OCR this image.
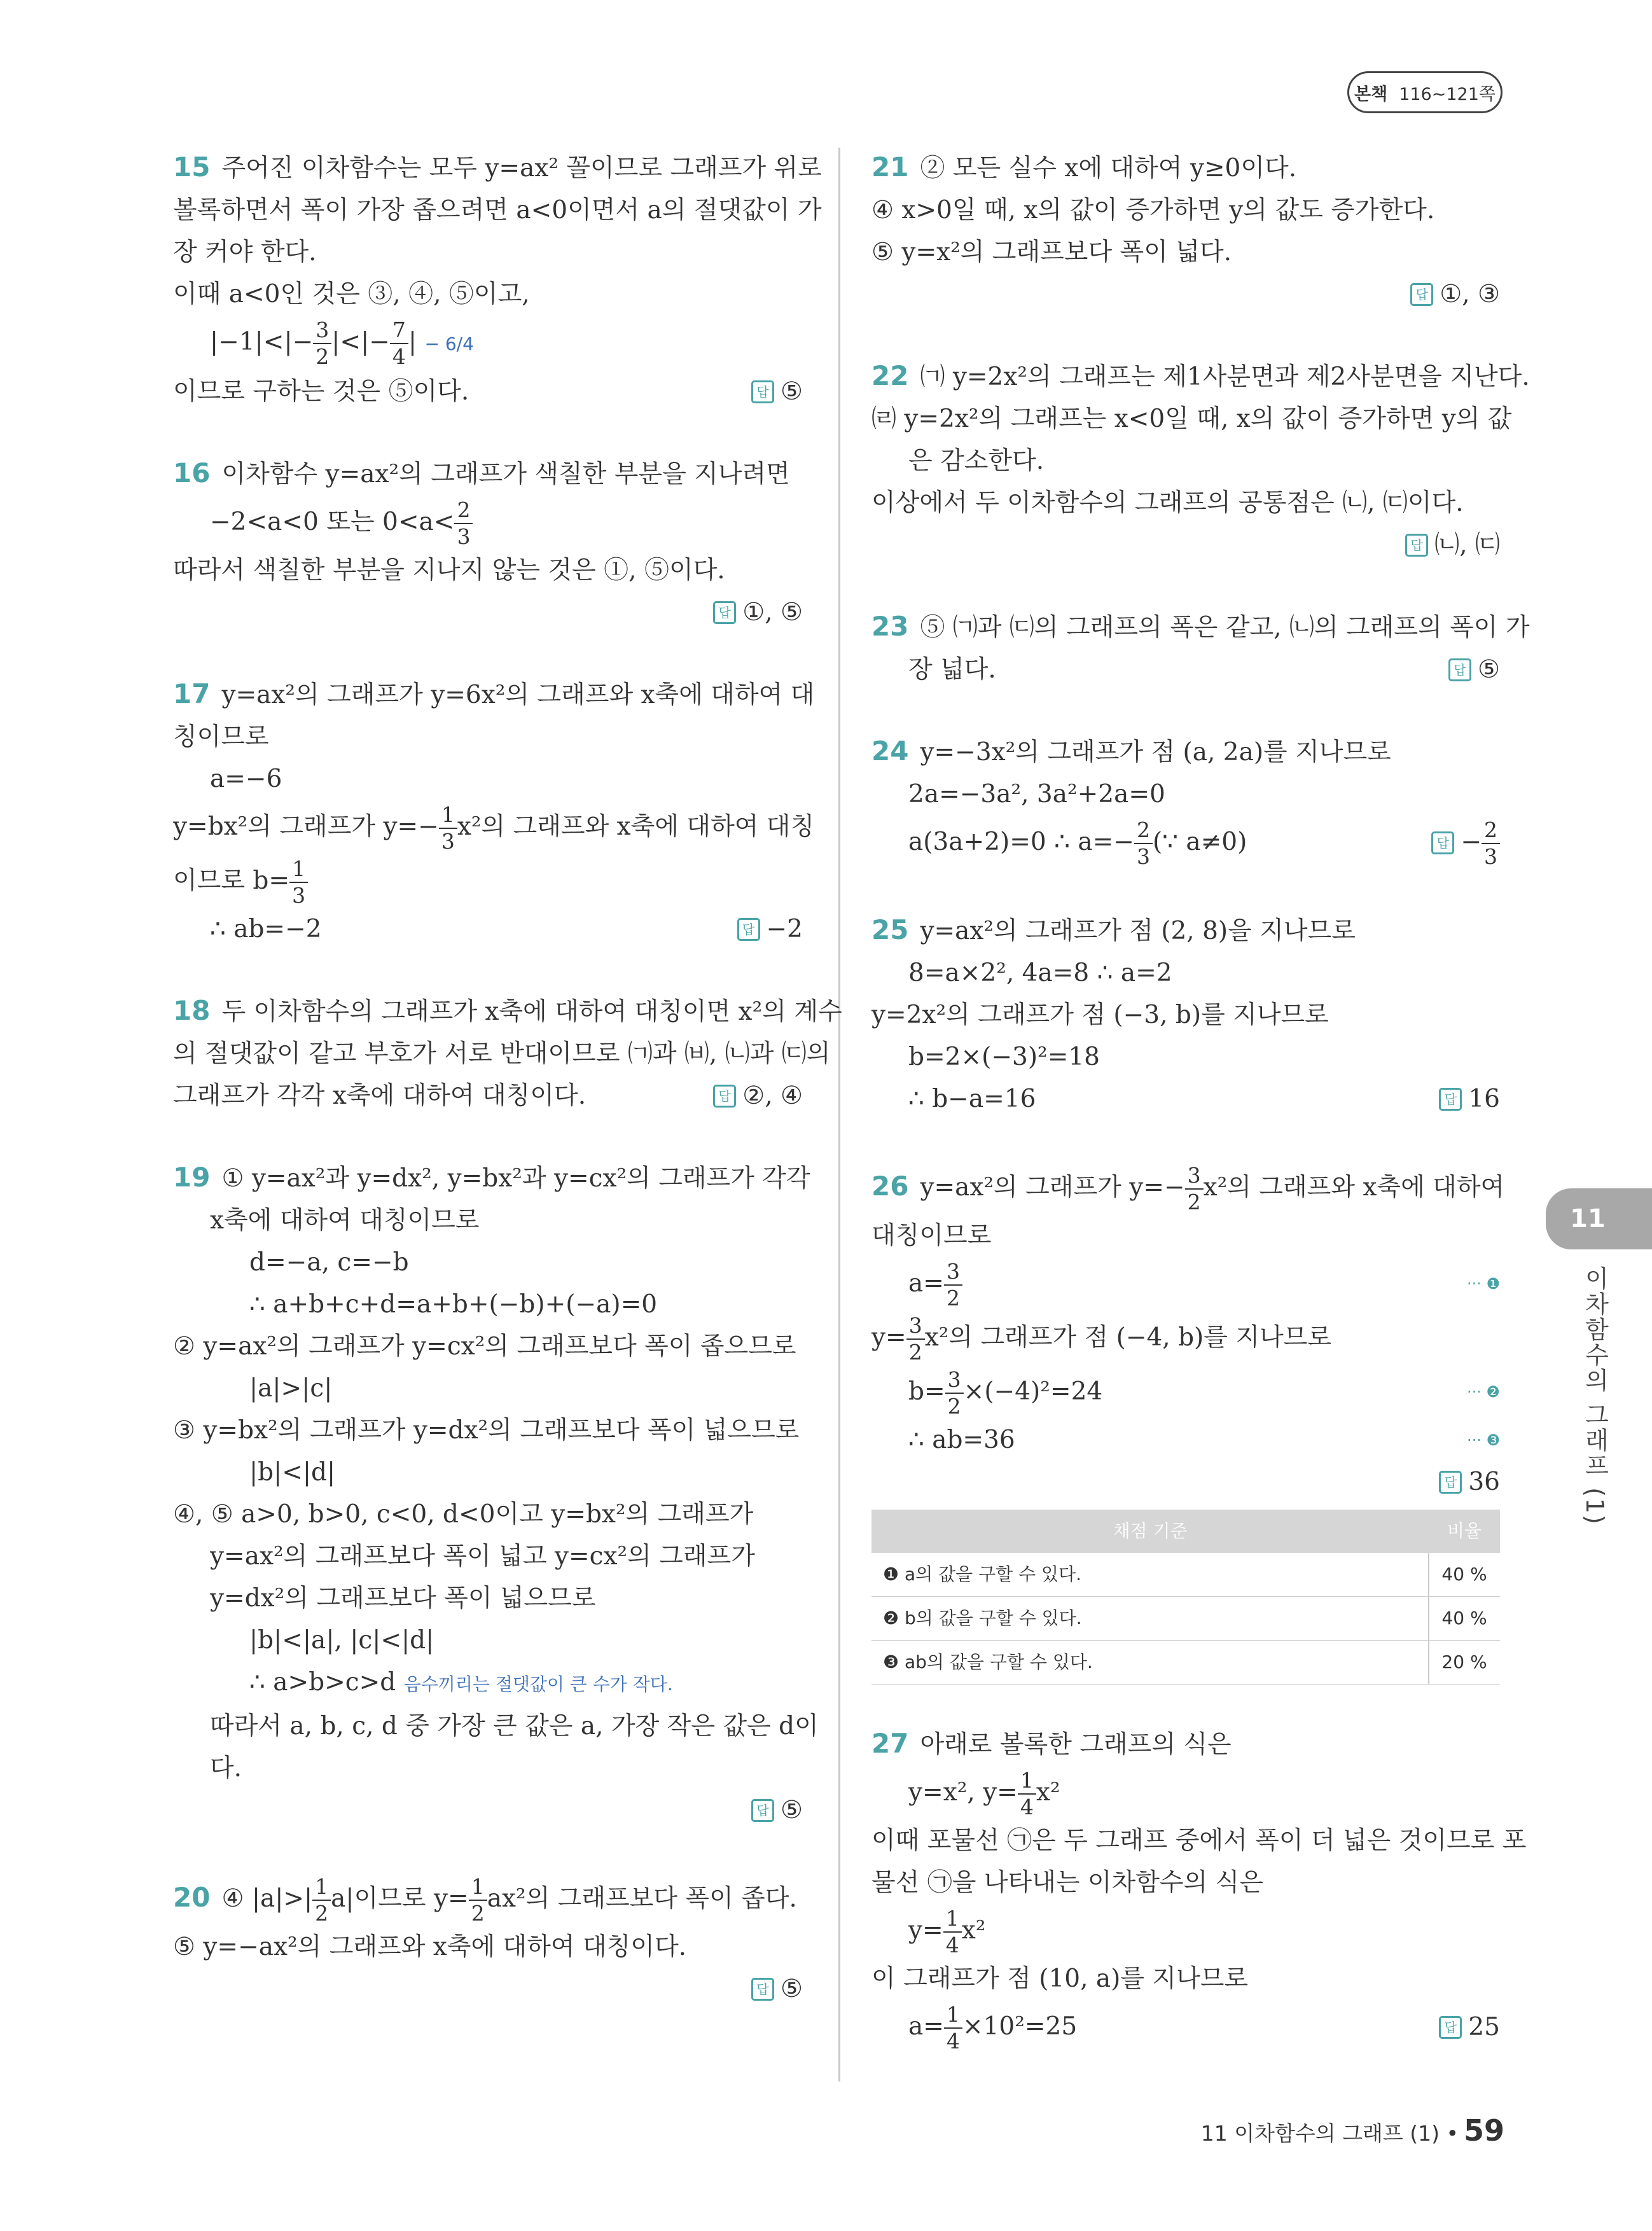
본책 116~121쪽
15 주어진 이차함수는 모두 y=ax² 꼴이므로 그래프가 위로
볼록하면서 폭이 가장 좁으려면 a<0이면서 a의 절댓값이 가
장 커야 한다.
이때 a<0인 것은 ③, ④, ⑤이고,
$|-1|<|- \frac{3}{2}$ |<|− $\frac{7}{4}$ | − 6/4
이므로 구하는 것은 ⑤이다.	답 ⑤
16 이차함수 y=ax²의 그래프가 색칠한 부분을 지나려면
−2<a<0 또는 $0<a< \frac{2}{3}$
따라서 색칠한 부분을 지나지 않는 것은 ①, ⑤이다.
답 ①, ⑤
17 y=ax²의 그래프가 y=6x²의 그래프와 x축에 대하여 대
칭이므로
a=−6
y=bx²의 그래프가 $y=- \frac{1}{3} x^2$의 그래프와 x축에 대하여 대칭
이므로 $b= \frac{1}{3}$
∴ ab=−2	답 −2
18 두 이차함수의 그래프가 x축에 대하여 대칭이면 x²의 계수
의 절댓값이 같고 부호가 서로 반대이므로 ㈀과 ㈅, ㈁과 ㈂의
그래프가 각각 x축에 대하여 대칭이다.	답 ②, ④
19 ① y=ax²과 y=dx², y=bx²과 y=cx²의 그래프가 각각
x축에 대하여 대칭이므로
d=−a, c=−b
∴ a+b+c+d=a+b+(−b)+(−a)=0
② y=ax²의 그래프가 y=cx²의 그래프보다 폭이 좁으므로
|a|>|c|
③ y=bx²의 그래프가 y=dx²의 그래프보다 폭이 넓으므로
|b|<|d|
④, ⑤ a>0, b>0, c<0, d<0이고 y=bx²의 그래프가
y=ax²의 그래프보다 폭이 넓고 y=cx²의 그래프가
y=dx²의 그래프보다 폭이 넓으므로
|b|<|a|, |c|<|d|
∴ a>b>c>d 음수끼리는 절댓값이 큰 수가 작다.
따라서 a, b, c, d 중 가장 큰 값은 a, 가장 작은 값은 d이
다.
답 ⑤
20 ④ $|a|>| \frac{1}{2} a|$이므로 $y= \frac{1}{2} ax^2$의 그래프보다 폭이 좁다.
⑤ y=−ax²의 그래프와 x축에 대하여 대칭이다.
답 ⑤
21 ② 모든 실수 x에 대하여 y≥0이다.
④ x>0일 때, x의 값이 증가하면 y의 값도 증가한다.
⑤ y=x²의 그래프보다 폭이 넓다.
답 ①, ③
22 ㈀ y=2x²의 그래프는 제1사분면과 제2사분면을 지난다.
㈃ y=2x²의 그래프는 x<0일 때, x의 값이 증가하면 y의 값
은 감소한다.
이상에서 두 이차함수의 그래프의 공통점은 ㈁, ㈂이다.
답 ㈁, ㈂
23 ⑤ ㈀과 ㈂의 그래프의 폭은 같고, ㈁의 그래프의 폭이 가
장 넓다.	답 ⑤
24 y=−3x²의 그래프가 점 (a, 2a)를 지나므로
2a=−3a², 3a²+2a=0
a(3a+2)=0 ∴ $a=- \frac{2}{3}$ (∵ a≠0)	답 − $\frac{2}{3}$
25 y=ax²의 그래프가 점 (2, 8)을 지나므로
8=a×2², 4a=8 ∴ a=2
y=2x²의 그래프가 점 (−3, b)를 지나므로
b=2×(−3)²=18
∴ b−a=16	답 16
26 y=ax²의 그래프가 $y=- \frac{3}{2} x^2$의 그래프와 x축에 대하여
대칭이므로
$a= \frac{3}{2}$	··· ❶
$y= \frac{3}{2} x^2$의 그래프가 점 (−4, b)를 지나므로
$b= \frac{3}{2} \times(-4)^2=24$	··· ❷
∴ ab=36	··· ❸
답 36
채점 기준	비율
❶ a의 값을 구할 수 있다.	40 %
❷ b의 값을 구할 수 있다.	40 %
❸ ab의 값을 구할 수 있다.	20 %
27 아래로 볼록한 그래프의 식은
y=x², $y= \frac{1}{4} x^2$
이때 포물선 ㉠은 두 그래프 중에서 폭이 더 넓은 것이므로 포
물선 ㉠을 나타내는 이차함수의 식은
$y= \frac{1}{4} x^2$
이 그래프가 점 (10, a)를 지나므로
$a= \frac{1}{4} \times 10^2=25$	답 25
11
이차함수의 그래프 (1)
11 이차함수의 그래프 (1) • 59
